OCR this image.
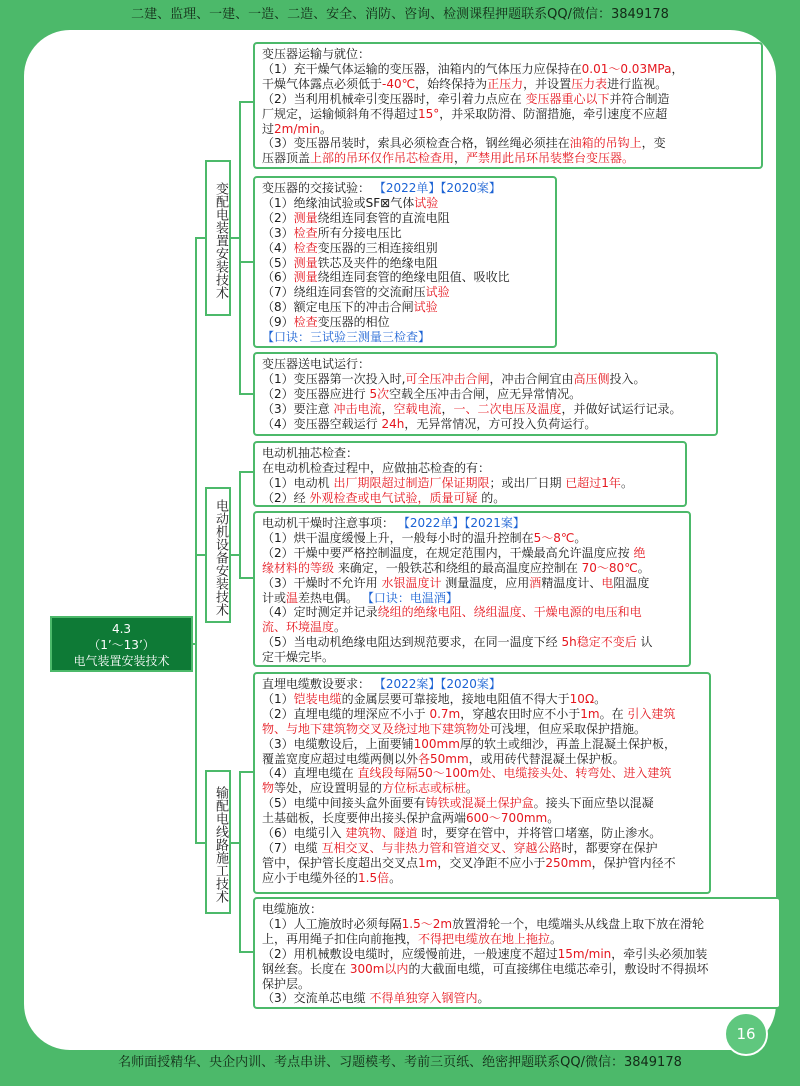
二建、监理、一建、一造、二造、安全、消防、咨询、检测课程押题联系QQ/微信：3849178
4.3
（1’～13’）
电气装置安装技术
变配电装置安装技术
电动机设备安装技术
输配电线路施工技术
变压器运输与就位：
（1）充干燥气体运输的变压器，油箱内的气体压力应保持在0.01～0.03MPa，
干燥气体露点必须低于-40℃，始终保持为正压力，并设置压力表进行监视。
（2）当利用机械牵引变压器时，牵引着力点应在 变压器重心以下并符合制造
厂规定，运输倾斜角不得超过15°，并采取防滑、防溜措施，牵引速度不应超
过2m/min。
（3）变压器吊装时，索具必须检查合格，钢丝绳必须挂在油箱的吊钩上，变
压器顶盖上部的吊环仅作吊芯检查用，严禁用此吊环吊装整台变压器。
变压器的交接试验： 【2022单】【2020案】
（1）绝缘油试验或SF⊠气体试验
（2）测量绕组连同套管的直流电阻
（3）检查所有分接电压比
（4）检查变压器的三相连接组别
（5）测量铁芯及夹件的绝缘电阻
（6）测量绕组连同套管的绝缘电阻值、吸收比
（7）绕组连同套管的交流耐压试验
（8）额定电压下的冲击合闸试验
（9）检查变压器的相位
【口诀：三试验三测量三检查】
变压器送电试运行：
（1）变压器第一次投入时,可全压冲击合闸，冲击合闸宜由高压侧投入。
（2）变压器应进行 5次空载全压冲击合闸，应无异常情况。
（3）要注意 冲击电流，空载电流，一、二次电压及温度，并做好试运行记录。
（4）变压器空载运行 24h，无异常情况，方可投入负荷运行。
电动机抽芯检查：
在电动机检查过程中，应做抽芯检查的有：
（1）电动机 出厂期限超过制造厂保证期限；或出厂日期 已超过1年。
（2）经 外观检查或电气试验，质量可疑 的。
电动机干燥时注意事项： 【2022单】【2021案】
（1）烘干温度缓慢上升，一般每小时的温升控制在5～8℃。
（2）干燥中要严格控制温度，在规定范围内，干燥最高允许温度应按 绝
缘材料的等级 来确定，一般铁芯和绕组的最高温度应控制在 70～80℃。
（3）干燥时不允许用 水银温度计 测量温度，应用酒精温度计、电阻温度
计或温差热电偶。 【口诀：电温酒】
（4）定时测定并记录绕组的绝缘电阻、绕组温度、干燥电源的电压和电
流、环境温度。
（5）当电动机绝缘电阻达到规范要求，在同一温度下经 5h稳定不变后 认
定干燥完毕。
直埋电缆敷设要求： 【2022案】【2020案】
（1）铠装电缆的金属层要可靠接地，接地电阻值不得大于10Ω。
（2）直埋电缆的埋深应不小于 0.7m，穿越农田时应不小于1m。在 引入建筑
物、与地下建筑物交叉及绕过地下建筑物处可浅埋，但应采取保护措施。
（3）电缆敷设后，上面要铺100mm厚的软土或细沙，再盖上混凝土保护板，
覆盖宽度应超过电缆两侧以外各50mm，或用砖代替混凝土保护板。
（4）直埋电缆在 直线段每隔50～100m处、电缆接头处、转弯处、进入建筑
物等处，应设置明显的方位标志或标桩。
（5）电缆中间接头盒外面要有铸铁或混凝土保护盒。接头下面应垫以混凝
土基础板，长度要伸出接头保护盒两端600～700mm。
（6）电缆引入 建筑物、隧道 时，要穿在管中，并将管口堵塞，防止渗水。
（7）电缆 互相交叉、与非热力管和管道交叉、穿越公路时，都要穿在保护
管中，保护管长度超出交叉点1m，交叉净距不应小于250mm，保护管内径不
应小于电缆外径的1.5倍。
电缆施放：
（1）人工施放时必须每隔1.5～2m放置滑轮一个，电缆端头从线盘上取下放在滑轮
上，再用绳子扣住向前拖拽，不得把电缆放在地上拖拉。
（2）用机械敷设电缆时，应缓慢前进，一般速度不超过15m/min，牵引头必须加装
钢丝套。长度在 300m以内的大截面电缆，可直接绑住电缆芯牵引，敷设时不得损坏
保护层。
（3）交流单芯电缆 不得单独穿入钢管内。
16
名师面授精华、央企内训、考点串讲、习题模考、考前三页纸、绝密押题联系QQ/微信：3849178
